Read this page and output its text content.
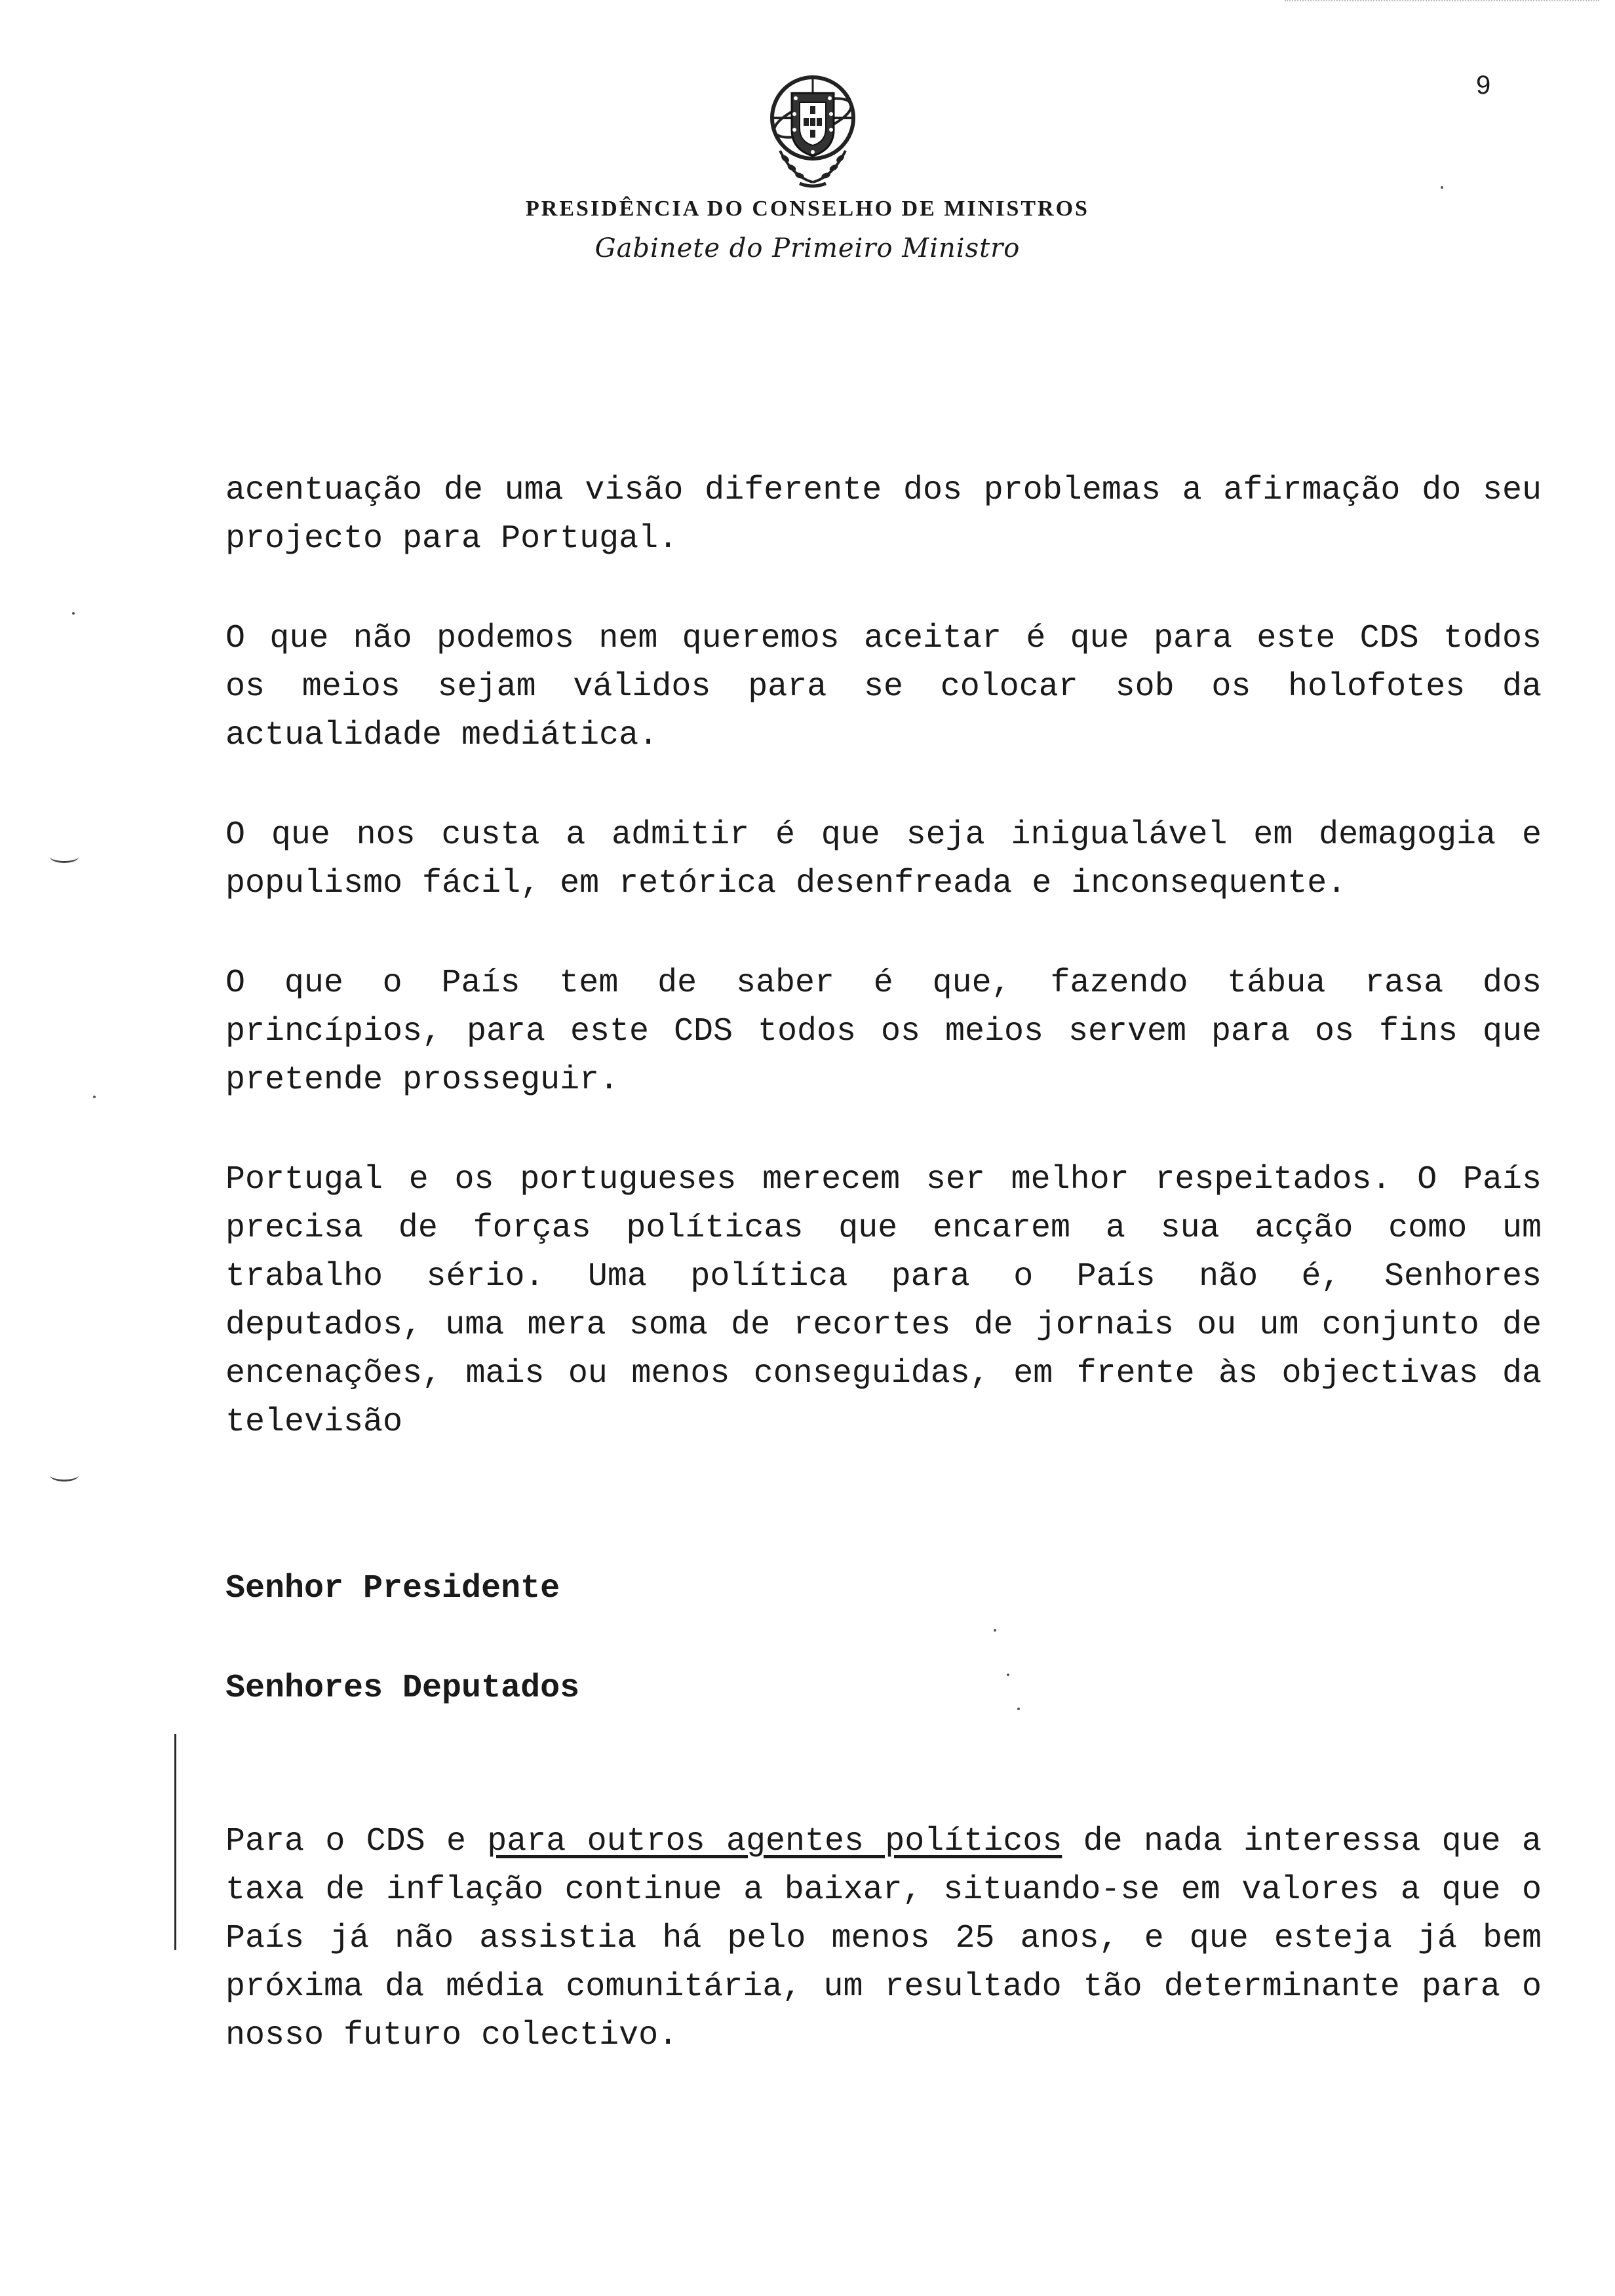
9
PRESIDÊNCIA DO CONSELHO DE MINISTROS
Gabinete do Primeiro Ministro

acentuação de uma visão diferente dos problemas a afirmação do seu projecto para Portugal.

O que não podemos nem queremos aceitar é que para este CDS todos os meios sejam válidos para se colocar sob os holofotes da actualidade mediática.

O que nos custa a admitir é que seja inigualável em demagogia e populismo fácil, em retórica desenfreada e inconsequente.

O que o País tem de saber é que, fazendo tábua rasa dos princípios, para este CDS todos os meios servem para os fins que pretende prosseguir.

Portugal e os portugueses merecem ser melhor respeitados. O País precisa de forças políticas que encarem a sua acção como um trabalho sério. Uma política para o País não é, Senhores deputados, uma mera soma de recortes de jornais ou um conjunto de encenações, mais ou menos conseguidas, em frente às objectivas da televisão

Senhor Presidente

Senhores Deputados

Para o CDS e para outros agentes políticos de nada interessa que a taxa de inflação continue a baixar, situando-se em valores a que o País já não assistia há pelo menos 25 anos, e que esteja já bem próxima da média comunitária, um resultado tão determinante para o nosso futuro colectivo.
